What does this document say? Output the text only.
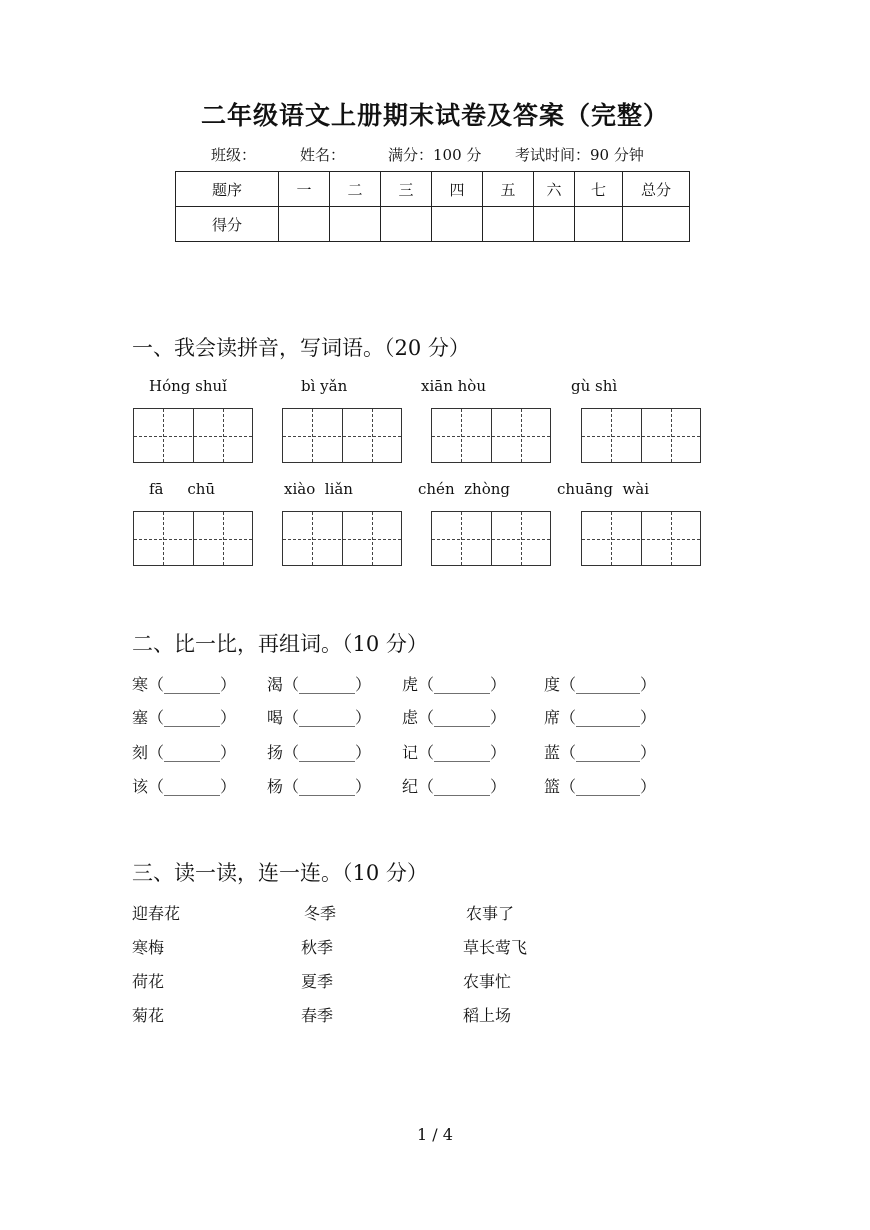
二年级语文上册期末试卷及答案（完整）
班级：	姓名：	满分：100 分 考试时间：90 分钟
题序	一	二	三	四	五	六	七	总分
得分								
一、我会读拼音，写词语。（20 分）
Hóng shuǐ	bì yǎn	xiān hòu	gù shì
fā     chū	xiào  liǎn	chén  zhòng	chuāng  wài
二、比一比，再组词。（10 分）
寒（_______） 渴（_______） 虎（_______） 度（________）
塞（_______） 喝（_______） 虑（_______） 席（________）
刻（_______） 扬（_______） 记（_______） 蓝（________）
该（_______） 杨（_______） 纪（_______） 篮（________）
三、读一读，连一连。（10 分）
迎春花	冬季	农事了
寒梅	秋季	草长莺飞
荷花	夏季	农事忙
菊花	春季	稻上场
1 / 4
